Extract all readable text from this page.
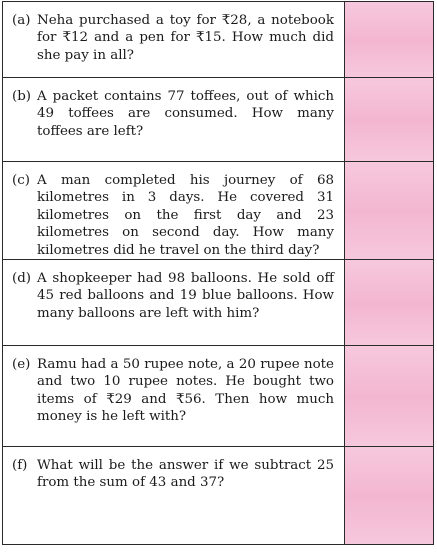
(a) Neha purchased a toy for ₹28, a notebook for ₹12 and a pen for ₹15. How much did she pay in all?	

(b) A packet contains 77 toffees, out of which 49 toffees are consumed. How many toffees are left?	

(c) A man completed his journey of 68 kilometres in 3 days. He covered 31 kilometres on the first day and 23 kilometres on second day. How many kilometres did he travel on the third day?	

(d) A shopkeeper had 98 balloons. He sold off 45 red balloons and 19 blue balloons. How many balloons are left with him?	

(e) Ramu had a 50 rupee note, a 20 rupee note and two 10 rupee notes. He bought two items of ₹29 and ₹56. Then how much money is he left with?	

(f) What will be the answer if we subtract 25 from the sum of 43 and 37?	
